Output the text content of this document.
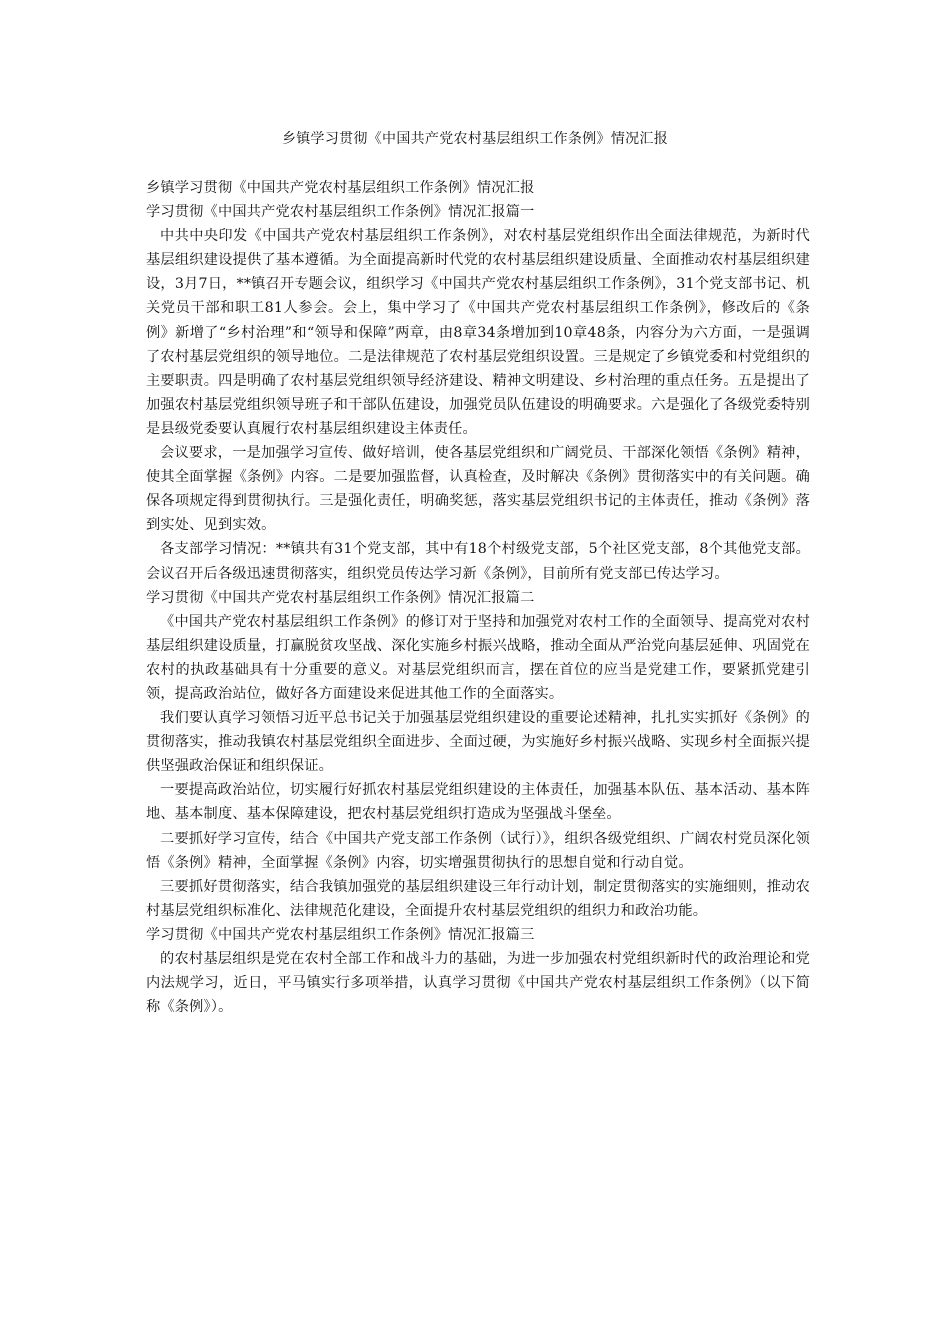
乡镇学习贯彻《中国共产党农村基层组织工作条例》情况汇报

乡镇学习贯彻《中国共产党农村基层组织工作条例》情况汇报

学习贯彻《中国共产党农村基层组织工作条例》情况汇报篇一

中共中央印发《中国共产党农村基层组织工作条例》，对农村基层党组织作出全面法律规范，为新时代基层组织建设提供了基本遵循。为全面提高新时代党的农村基层组织建设质量、全面推动农村基层组织建设，3月7日，**镇召开专题会议，组织学习《中国共产党农村基层组织工作条例》，31个党支部书记、机关党员干部和职工81人参会。会上，集中学习了《中国共产党农村基层组织工作条例》，修改后的《条例》新增了“乡村治理”和“领导和保障”两章，由8章34条增加到10章48条，内容分为六方面，一是强调了农村基层党组织的领导地位。二是法律规范了农村基层党组织设置。三是规定了乡镇党委和村党组织的主要职责。四是明确了农村基层党组织领导经济建设、精神文明建设、乡村治理的重点任务。五是提出了加强农村基层党组织领导班子和干部队伍建设，加强党员队伍建设的明确要求。六是强化了各级党委特别是县级党委要认真履行农村基层组织建设主体责任。

会议要求，一是加强学习宣传、做好培训，使各基层党组织和广阔党员、干部深化领悟《条例》精神，使其全面掌握《条例》内容。二是要加强监督，认真检查，及时解决《条例》贯彻落实中的有关问题。确保各项规定得到贯彻执行。三是强化责任，明确奖惩，落实基层党组织书记的主体责任，推动《条例》落到实处、见到实效。

各支部学习情况：**镇共有31个党支部，其中有18个村级党支部，5个社区党支部，8个其他党支部。会议召开后各级迅速贯彻落实，组织党员传达学习新《条例》，目前所有党支部已传达学习。

学习贯彻《中国共产党农村基层组织工作条例》情况汇报篇二

《中国共产党农村基层组织工作条例》的修订对于坚持和加强党对农村工作的全面领导、提高党对农村基层组织建设质量，打赢脱贫攻坚战、深化实施乡村振兴战略，推动全面从严治党向基层延伸、巩固党在农村的执政基础具有十分重要的意义。对基层党组织而言，摆在首位的应当是党建工作，要紧抓党建引领，提高政治站位，做好各方面建设来促进其他工作的全面落实。

我们要认真学习领悟习近平总书记关于加强基层党组织建设的重要论述精神，扎扎实实抓好《条例》的贯彻落实，推动我镇农村基层党组织全面进步、全面过硬，为实施好乡村振兴战略、实现乡村全面振兴提供坚强政治保证和组织保证。

一要提高政治站位，切实履行好抓农村基层党组织建设的主体责任，加强基本队伍、基本活动、基本阵地、基本制度、基本保障建设，把农村基层党组织打造成为坚强战斗堡垒。

二要抓好学习宣传，结合《中国共产党支部工作条例（试行）》，组织各级党组织、广阔农村党员深化领悟《条例》精神，全面掌握《条例》内容，切实增强贯彻执行的思想自觉和行动自觉。

三要抓好贯彻落实，结合我镇加强党的基层组织建设三年行动计划，制定贯彻落实的实施细则，推动农村基层党组织标准化、法律规范化建设，全面提升农村基层党组织的组织力和政治功能。

学习贯彻《中国共产党农村基层组织工作条例》情况汇报篇三

的农村基层组织是党在农村全部工作和战斗力的基础，为进一步加强农村党组织新时代的政治理论和党内法规学习，近日，平马镇实行多项举措，认真学习贯彻《中国共产党农村基层组织工作条例》（以下简称《条例》）。
